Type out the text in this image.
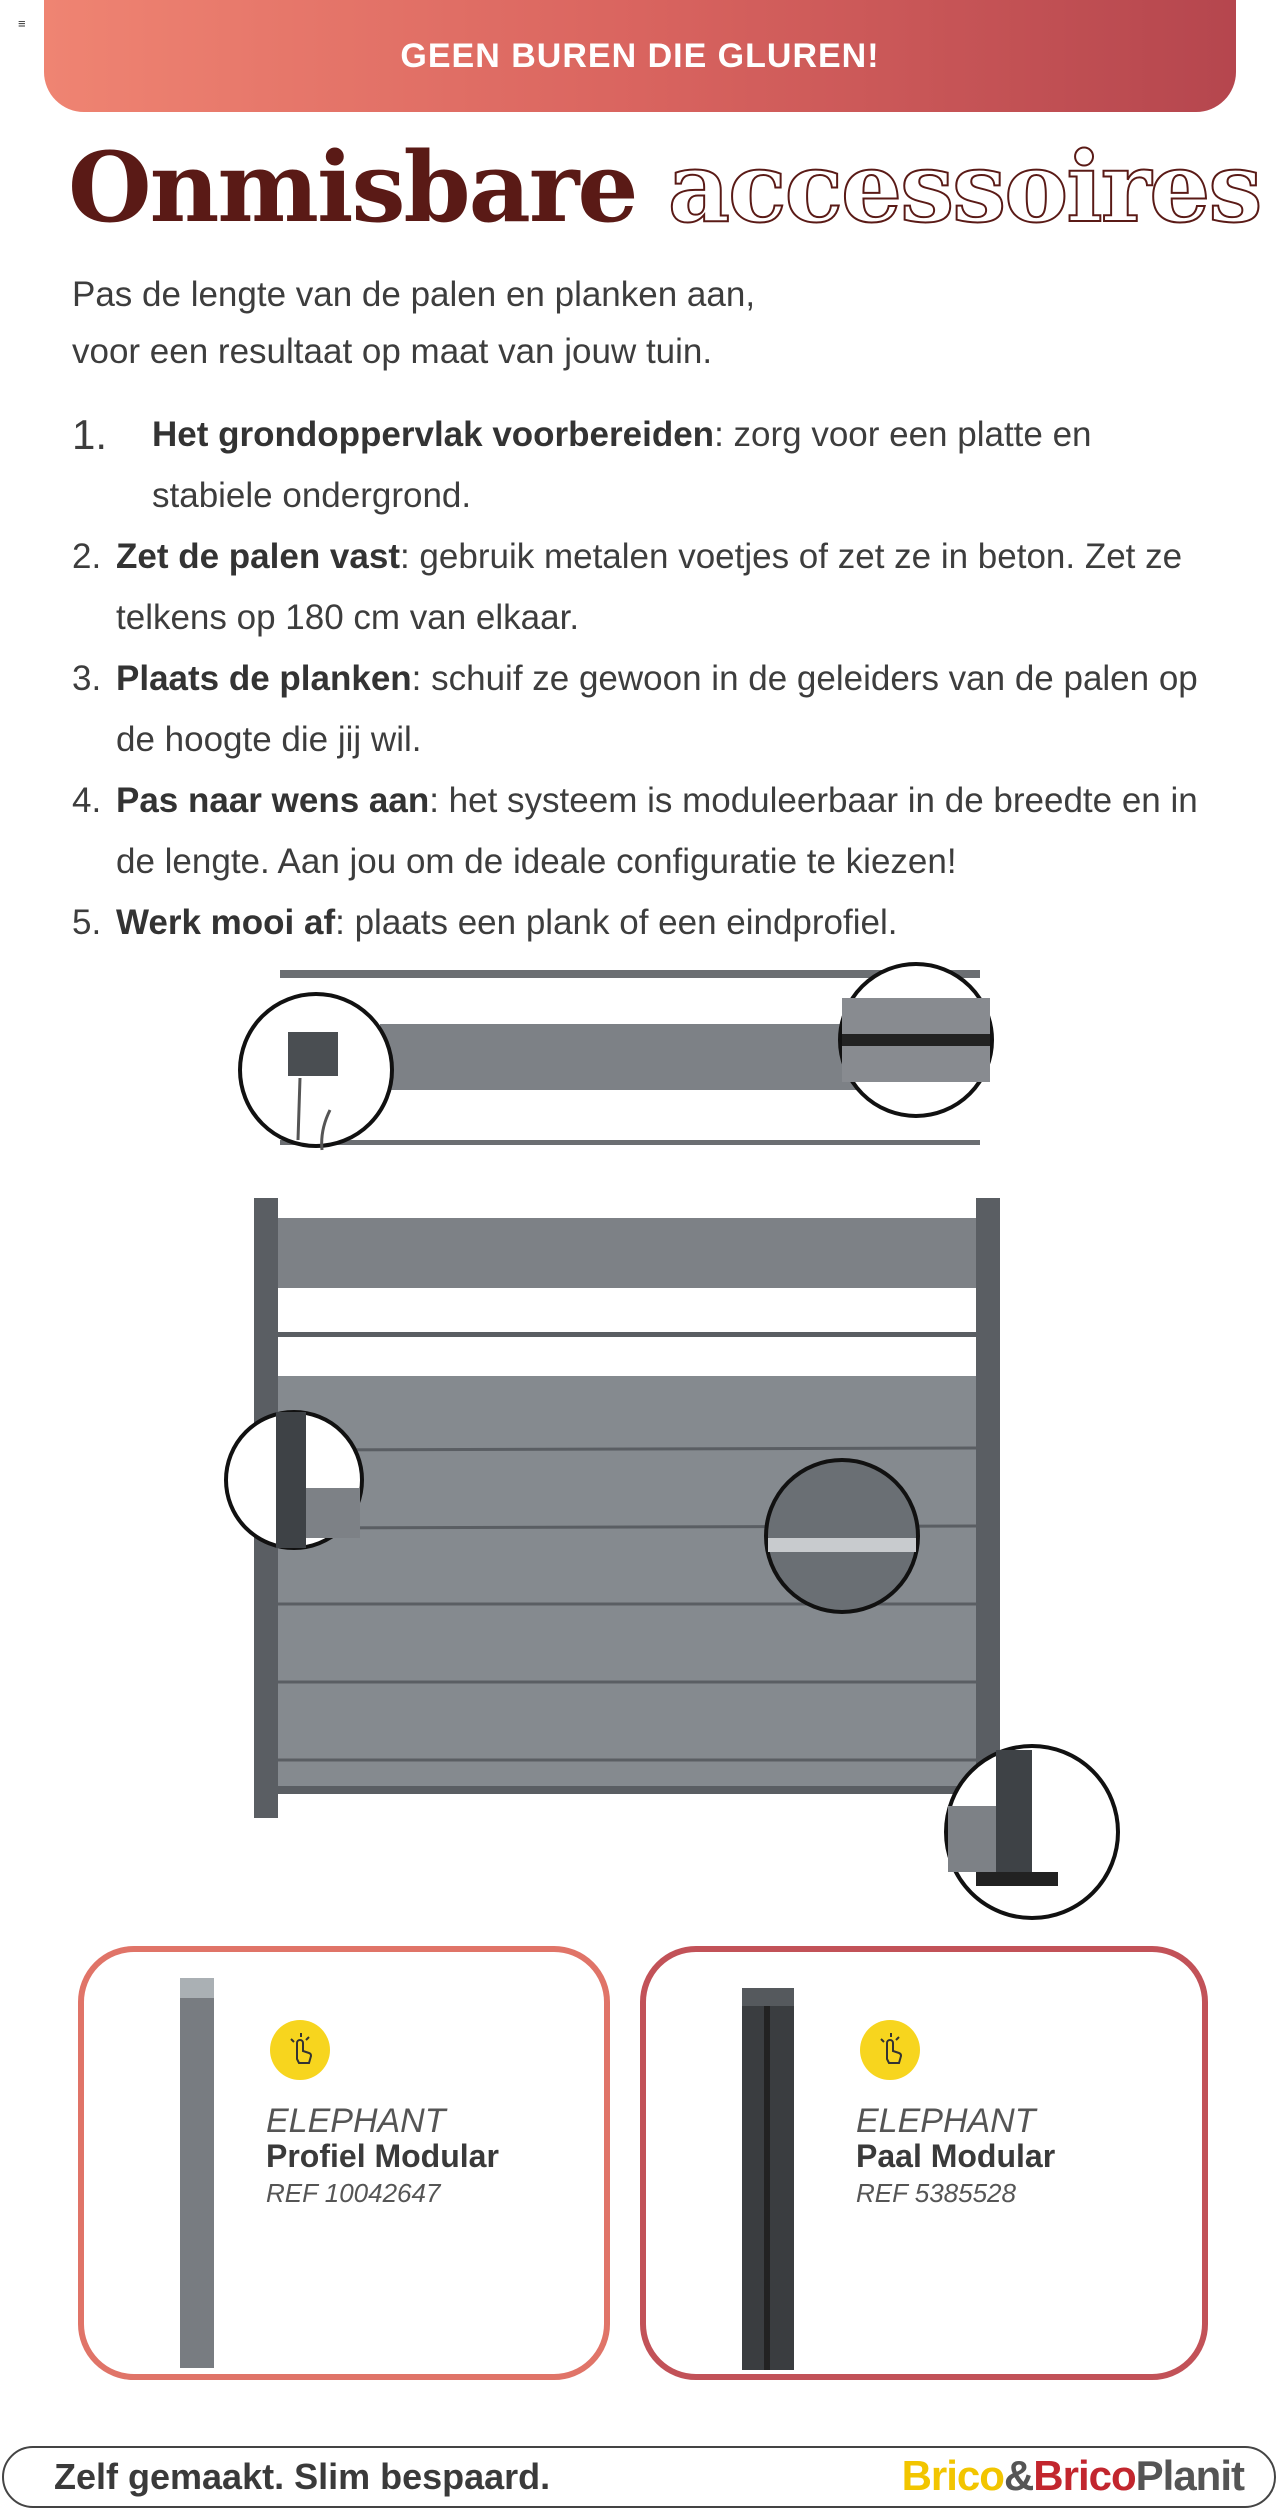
≡
GEEN BUREN DIE GLUREN!
Onmisbare accessoires

Pas de lengte van de palen en planken aan,
voor een resultaat op maat van jouw tuin.

1. Het grondoppervlak voorbereiden: zorg voor een platte en stabiele ondergrond.
2. Zet de palen vast: gebruik metalen voetjes of zet ze in beton. Zet ze telkens op 180 cm van elkaar.
3. Plaats de planken: schuif ze gewoon in de geleiders van de palen op de hoogte die jij wil.
4. Pas naar wens aan: het systeem is moduleerbaar in de breedte en in de lengte. Aan jou om de ideale configuratie te kiezen!
5. Werk mooi af: plaats een plank of een eindprofiel.
ELEPHANT
Profiel Modular
REF 10042647
ELEPHANT
Paal Modular
REF 5385528
Zelf gemaakt. Slim bespaard.	Brico&BricoPlanit
